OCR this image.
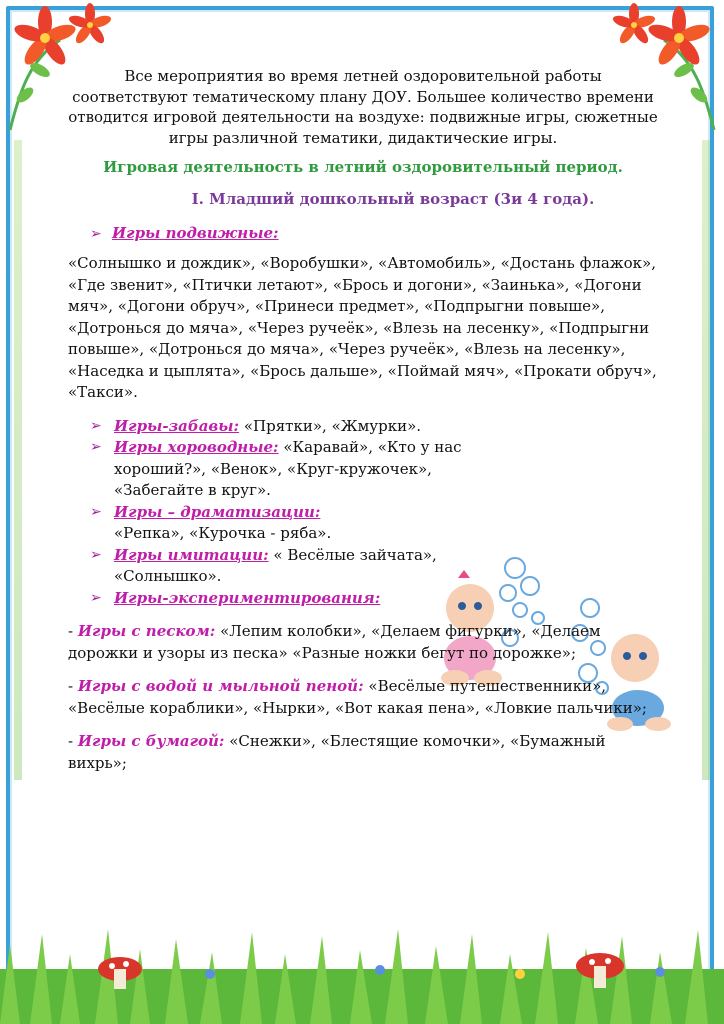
Все мероприятия во время летней оздоровительной работы соответствуют тематическому плану ДОУ. Большее количество времени отводится игровой деятельности на воздухе: подвижные игры, сюжетные игры различной тематики, дидактические игры.

Игровая деятельность в летний оздоровительный период.
I. Младший дошкольный возраст (3и 4 года).
➢ Игры подвижные:

«Солнышко и дождик», «Воробушки», «Автомобиль», «Достань флажок», «Где звенит», «Птички летают», «Брось и догони», «Заинька», «Догони мяч», «Догони обруч», «Принеси предмет», «Подпрыгни повыше», «Дотронься до мяча», «Через ручеёк», «Влезь на лесенку», «Подпрыгни повыше», «Дотронься до мяча», «Через ручеёк», «Влезь на лесенку», «Наседка и цыплята», «Брось дальше», «Поймай мяч», «Прокати обруч», «Такси».

➢ Игры-забавы: «Прятки», «Жмурки».
➢ Игры хороводные: «Каравай», «Кто у нас хороший?», «Венок», «Круг-кружочек», «Забегайте в круг».
➢ Игры – драматизации:
«Репка», «Курочка - ряба».
➢ Игры имитации: « Весёлые зайчата», «Солнышко».
➢ Игры-экспериментирования:

- Игры с песком: «Лепим колобки», «Делаем фигурки», «Делаем дорожки и узоры из песка» «Разные ножки бегут по дорожке»;

- Игры с водой и мыльной пеной: «Весёлые путешественники», «Весёлые кораблики», «Нырки», «Вот какая пена», «Ловкие пальчики»;

- Игры с бумагой: «Снежки», «Блестящие комочки», «Бумажный вихрь»;
